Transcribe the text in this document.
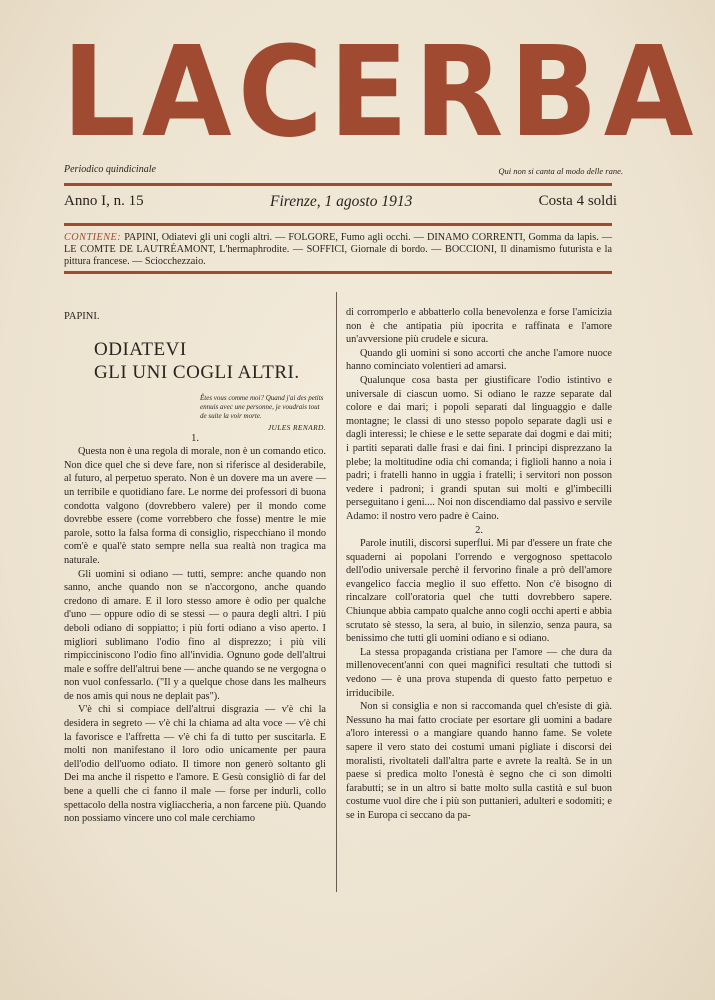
LACERBA
Periodico quindicinale	Qui non si canta al modo delle rane.
Anno I, n. 15	Firenze, 1 agosto 1913	Costa 4 soldi
CONTIENE: PAPINI, Odiatevi gli uni cogli altri. — FOLGORE, Fumo agli occhi. — DINAMO CORRENTI, Gomma da lapis. — LE COMTE DE LAUTRÉAMONT, L'hermaphrodite. — SOFFICI, Giornale di bordo. — BOCCIONI, Il dinamismo futurista e la pittura francese. — Sciocchezzaio.

PAPINI.

ODIATEVI
GLI UNI COGLI ALTRI.
Êtes vous comme moi? Quand j'ai des petits ennuis avec une personne, je voudrais tout de suite la voir morte.
JULES RENARD.

1.

Questa non è una regola di morale, non è un comando etico. Non dice quel che si deve fare, non si riferisce al desiderabile, al futuro, al perpetuo sperato. Non è un dovere ma un avere — un terribile e quotidiano fare. Le norme dei professori di buona condotta valgono (dovrebbero valere) per il mondo come dovrebbe essere (come vorrebbero che fosse) mentre le mie parole, sotto la falsa forma di consiglio, rispecchiano il mondo com'è e qual'è stato sempre nella sua realtà non tragica ma naturale.

Gli uomini si odiano — tutti, sempre: anche quando non sanno, anche quando non se n'accorgono, anche quando credono di amare. E il loro stesso amore è odio per qualche d'uno — oppure odio di se stessi — o paura degli altri. I più deboli odiano di soppiatto; i più forti odiano a viso aperto. I migliori sublimano l'odio fino al disprezzo; i più vili rimpicciniscono l'odio fino all'invidia. Ognuno gode dell'altrui male e soffre dell'altrui bene — anche quando se ne vergogna o non vuol confessarlo. ("Il y a quelque chose dans les malheurs de nos amis qui nous ne deplait pas").

V'è chi si compiace dell'altrui disgrazia — v'è chi la desidera in segreto — v'è chi la chiama ad alta voce — v'è chi la favorisce e l'affretta — v'è chi fa di tutto per suscitarla. E molti non manifestano il loro odio unicamente per paura dell'odio dell'uomo odiato. Il timore non generò soltanto gli Dei ma anche il rispetto e l'amore. E Gesù consigliò di far del bene a quelli che ci fanno il male — forse per indurli, collo spettacolo della nostra vigliaccheria, a non farcene più. Quando non possiamo vincere uno col male cerchiamo

di corromperlo e abbatterlo colla benevolenza e forse l'amicizia non è che antipatia più ipocrita e raffinata e l'amore un'avversione più crudele e sicura.

Quando gli uomini si sono accorti che anche l'amore nuoce hanno cominciato volentieri ad amarsi.

Qualunque cosa basta per giustificare l'odio istintivo e universale di ciascun uomo. Si odiano le razze separate dal colore e dai mari; i popoli separati dal linguaggio e dalle montagne; le classi di uno stesso popolo separate dagli usi e dagli interessi; le chiese e le sette separate dai dogmi e dai miti; i partiti separati dalle frasi e dai fini. I principi disprezzano la plebe; la moltitudine odia chi comanda; i figlioli hanno a noia i padri; i fratelli hanno in uggia i fratelli; i servitori non posson vedere i padroni; i grandi sputan sui molti e gl'imbecilli perseguitano i geni.... Noi non discendiamo dal passivo e servile Adamo: il nostro vero padre è Caino.

2.

Parole inutili, discorsi superflui. Mi par d'essere un frate che squaderni ai popolani l'orrendo e vergognoso spettacolo dell'odio universale perchè il fervorino finale a prò dell'amore evangelico faccia meglio il suo effetto. Non c'è bisogno di rincalzare coll'oratoria quel che tutti dovrebbero sapere. Chiunque abbia campato qualche anno cogli occhi aperti e abbia scrutato sè stesso, la sera, al buio, in silenzio, senza paura, sa benissimo che tutti gli uomini odiano e si odiano.

La stessa propaganda cristiana per l'amore — che dura da millenovecent'anni con quei magnifici resultati che tuttodì si vedono — è una prova stupenda di questo fatto perpetuo e irriducibile.

Non si consiglia e non si raccomanda quel ch'esiste di già. Nessuno ha mai fatto crociate per esortare gli uomini a badare a'loro interessi o a mangiare quando hanno fame. Se volete sapere il vero stato dei costumi umani pigliate i discorsi dei moralisti, rivoltateli dall'altra parte e avrete la realtà. Se in un paese si predica molto l'onestà è segno che ci son dimolti farabutti; se in un altro si batte molto sulla castità e sul buon costume vuol dire che i più son puttanieri, adulteri e sodomiti; e se in Europa ci seccano da pa-
